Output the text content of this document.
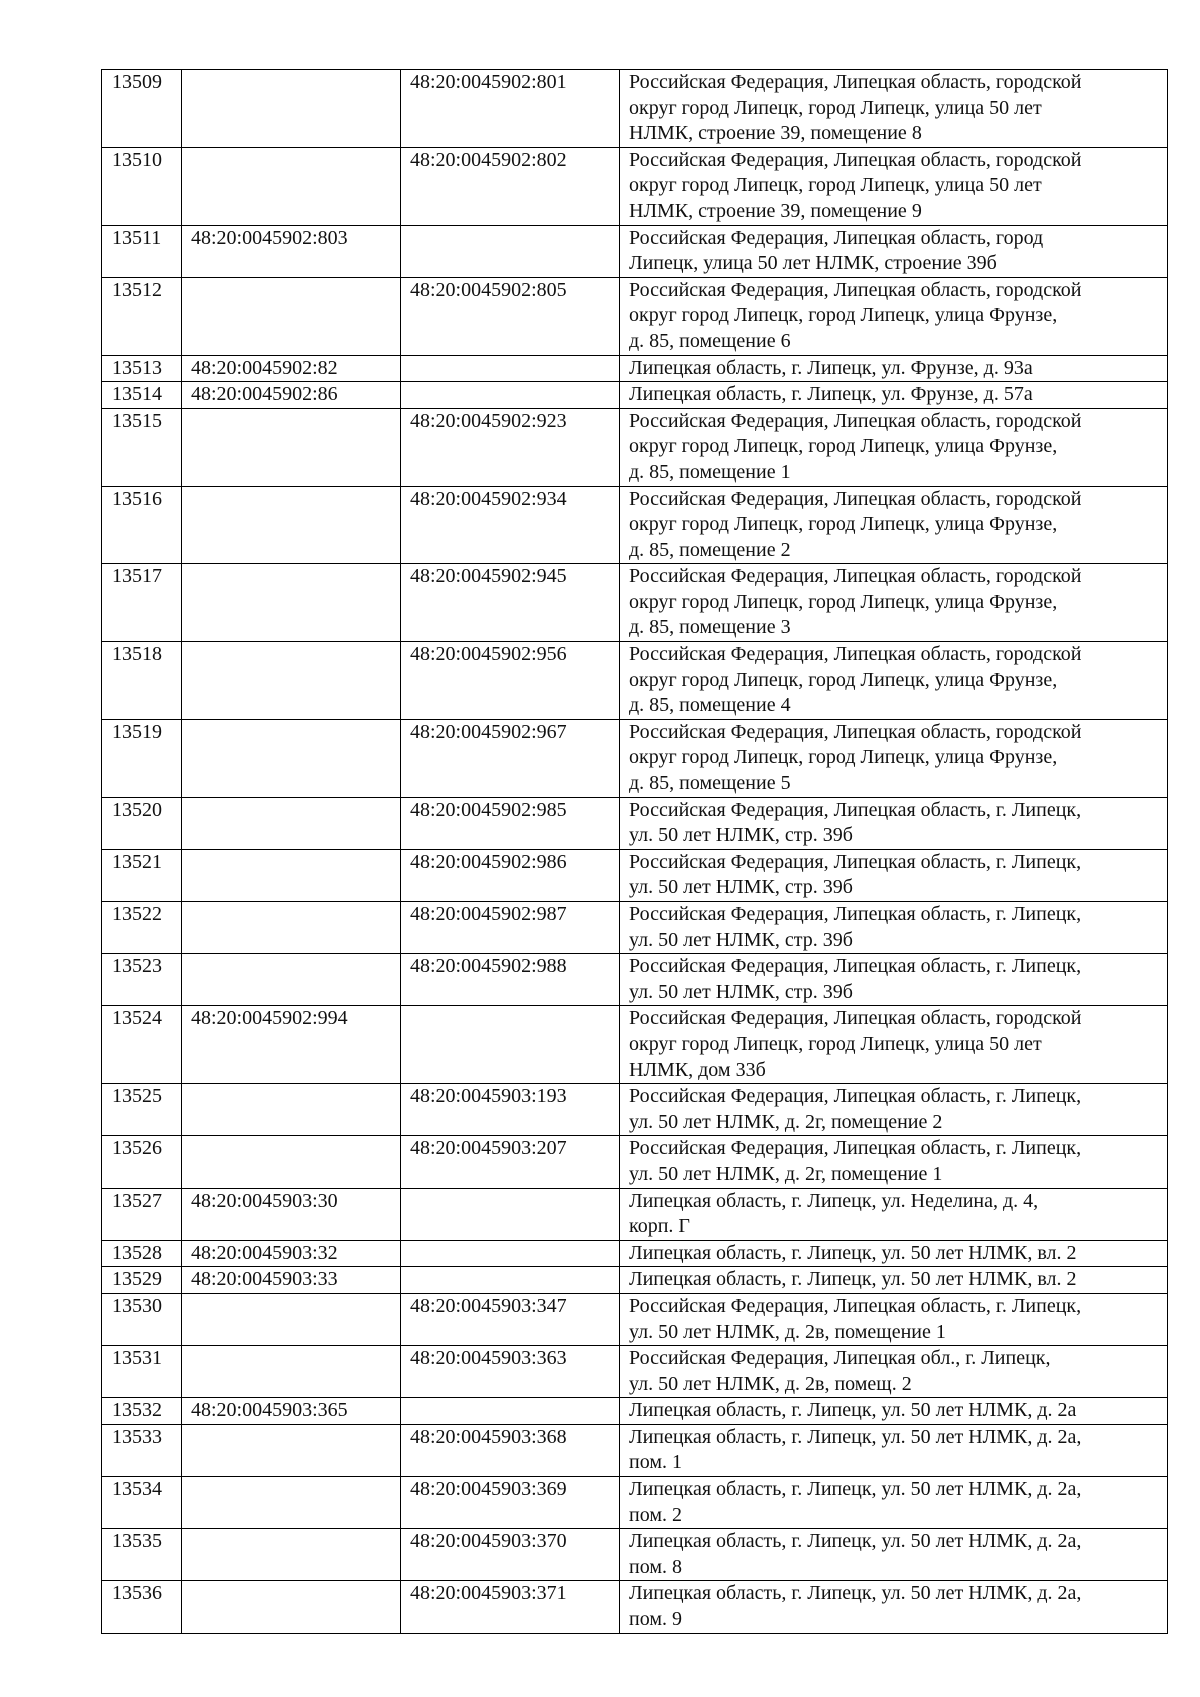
13509		48:20:0045902:801	Российская Федерация, Липецкая область, городской
округ город Липецк, город Липецк, улица 50 лет
НЛМК, строение 39, помещение 8
13510		48:20:0045902:802	Российская Федерация, Липецкая область, городской
округ город Липецк, город Липецк, улица 50 лет
НЛМК, строение 39, помещение 9
13511	48:20:0045902:803		Российская Федерация, Липецкая область, город
Липецк, улица 50 лет НЛМК, строение 39б
13512		48:20:0045902:805	Российская Федерация, Липецкая область, городской
округ город Липецк, город Липецк, улица Фрунзе,
д. 85, помещение 6
13513	48:20:0045902:82		Липецкая область, г. Липецк, ул. Фрунзе, д. 93а
13514	48:20:0045902:86		Липецкая область, г. Липецк, ул. Фрунзе, д. 57а
13515		48:20:0045902:923	Российская Федерация, Липецкая область, городской
округ город Липецк, город Липецк, улица Фрунзе,
д. 85, помещение 1
13516		48:20:0045902:934	Российская Федерация, Липецкая область, городской
округ город Липецк, город Липецк, улица Фрунзе,
д. 85, помещение 2
13517		48:20:0045902:945	Российская Федерация, Липецкая область, городской
округ город Липецк, город Липецк, улица Фрунзе,
д. 85, помещение 3
13518		48:20:0045902:956	Российская Федерация, Липецкая область, городской
округ город Липецк, город Липецк, улица Фрунзе,
д. 85, помещение 4
13519		48:20:0045902:967	Российская Федерация, Липецкая область, городской
округ город Липецк, город Липецк, улица Фрунзе,
д. 85, помещение 5
13520		48:20:0045902:985	Российская Федерация, Липецкая область, г. Липецк,
ул. 50 лет НЛМК, стр. 39б
13521		48:20:0045902:986	Российская Федерация, Липецкая область, г. Липецк,
ул. 50 лет НЛМК, стр. 39б
13522		48:20:0045902:987	Российская Федерация, Липецкая область, г. Липецк,
ул. 50 лет НЛМК, стр. 39б
13523		48:20:0045902:988	Российская Федерация, Липецкая область, г. Липецк,
ул. 50 лет НЛМК, стр. 39б
13524	48:20:0045902:994		Российская Федерация, Липецкая область, городской
округ город Липецк, город Липецк, улица 50 лет
НЛМК, дом 33б
13525		48:20:0045903:193	Российская Федерация, Липецкая область, г. Липецк,
ул. 50 лет НЛМК, д. 2г, помещение 2
13526		48:20:0045903:207	Российская Федерация, Липецкая область, г. Липецк,
ул. 50 лет НЛМК, д. 2г, помещение 1
13527	48:20:0045903:30		Липецкая область, г. Липецк, ул. Неделина, д. 4,
корп. Г
13528	48:20:0045903:32		Липецкая область, г. Липецк, ул. 50 лет НЛМК, вл. 2
13529	48:20:0045903:33		Липецкая область, г. Липецк, ул. 50 лет НЛМК, вл. 2
13530		48:20:0045903:347	Российская Федерация, Липецкая область, г. Липецк,
ул. 50 лет НЛМК, д. 2в, помещение 1
13531		48:20:0045903:363	Российская Федерация, Липецкая обл., г. Липецк,
ул. 50 лет НЛМК, д. 2в, помещ. 2
13532	48:20:0045903:365		Липецкая область, г. Липецк, ул. 50 лет НЛМК, д. 2а
13533		48:20:0045903:368	Липецкая область, г. Липецк, ул. 50 лет НЛМК, д. 2а,
пом. 1
13534		48:20:0045903:369	Липецкая область, г. Липецк, ул. 50 лет НЛМК, д. 2а,
пом. 2
13535		48:20:0045903:370	Липецкая область, г. Липецк, ул. 50 лет НЛМК, д. 2а,
пом. 8
13536		48:20:0045903:371	Липецкая область, г. Липецк, ул. 50 лет НЛМК, д. 2а,
пом. 9
